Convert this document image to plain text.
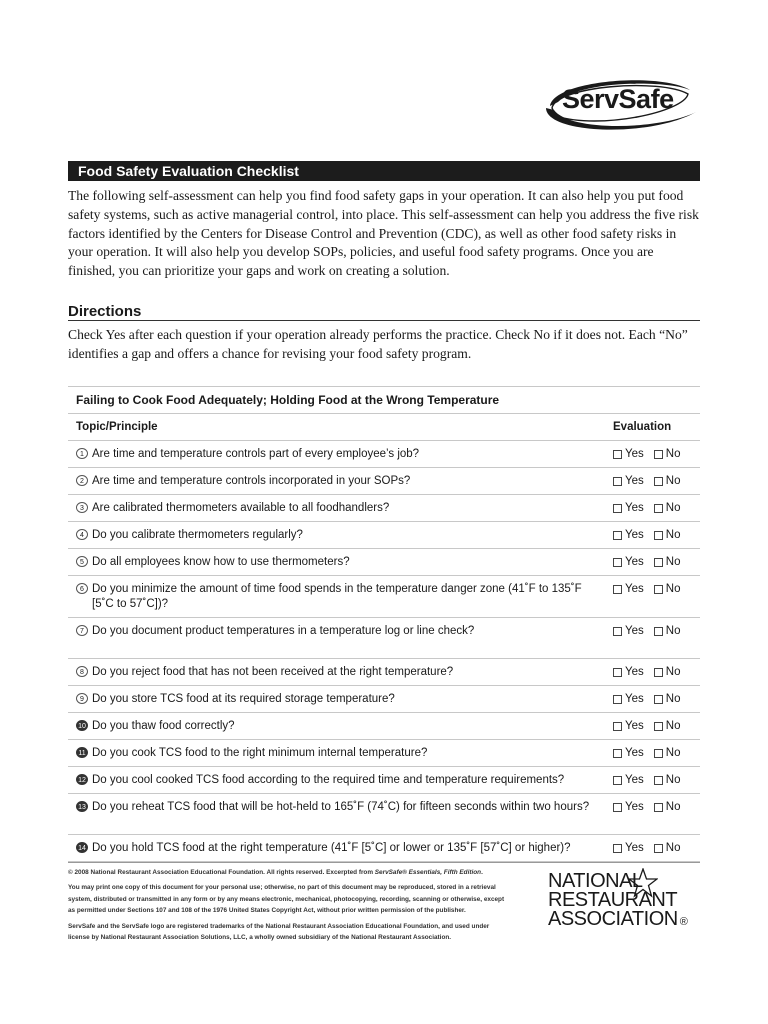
ServSafe
Food Safety Evaluation Checklist

The following self-assessment can help you find food safety gaps in your operation. It can also help you put food safety systems, such as active managerial control, into place. This self-assessment can help you address the five risk factors identified by the Centers for Disease Control and Prevention (CDC), as well as other food safety risks in your operation. It will also help you develop SOPs, policies, and useful food safety programs. Once you are finished, you can prioritize your gaps and work on creating a solution.

Directions

Check Yes after each question if your operation already performs the practice. Check No if it does not. Each “No” identifies a gap and offers a chance for revising your food safety program.

Failing to Cook Food Adequately; Holding Food at the Wrong Temperature
Topic/Principle	Evaluation
1 Are time and temperature controls part of every employee’s job?	Yes No
2 Are time and temperature controls incorporated in your SOPs?	Yes No
3 Are calibrated thermometers available to all foodhandlers?	Yes No
4 Do you calibrate thermometers regularly?	Yes No
5 Do all employees know how to use thermometers?	Yes No
6 Do you minimize the amount of time food spends in the temperature danger zone (41˚F to 135˚F [5˚C to 57˚C])?
Yes No
7 Do you document product temperatures in a temperature log or line check?	Yes No
8 Do you reject food that has not been received at the right temperature?	Yes No
9 Do you store TCS food at its required storage temperature?	Yes No
10 Do you thaw food correctly?	Yes No
11 Do you cook TCS food to the right minimum internal temperature?	Yes No
12 Do you cool cooked TCS food according to the required time and temperature requirements?	Yes No
13 Do you reheat TCS food that will be hot-held to 165˚F (74˚C) for fifteen seconds within two hours?	Yes No
14 Do you hold TCS food at the right temperature (41˚F [5˚C] or lower or 135˚F [57˚C] or higher)?	Yes No

© 2008 National Restaurant Association Educational Foundation. All rights reserved. Excerpted from ServSafe® Essentials, Fifth Edition.

You may print one copy of this document for your personal use; otherwise, no part of this document may be reproduced, stored in a retrieval system, distributed or transmitted in any form or by any means electronic, mechanical, photocopying, recording, scanning or otherwise, except as permitted under Sections 107 and 108 of the 1976 United States Copyright Act, without prior written permission of the publisher.

ServSafe and the ServSafe logo are registered trademarks of the National Restaurant Association Educational Foundation, and used under license by National Restaurant Association Solutions, LLC, a wholly owned subsidiary of the National Restaurant Association.

NATIONAL
RESTAURANT
ASSOCIATION ®
